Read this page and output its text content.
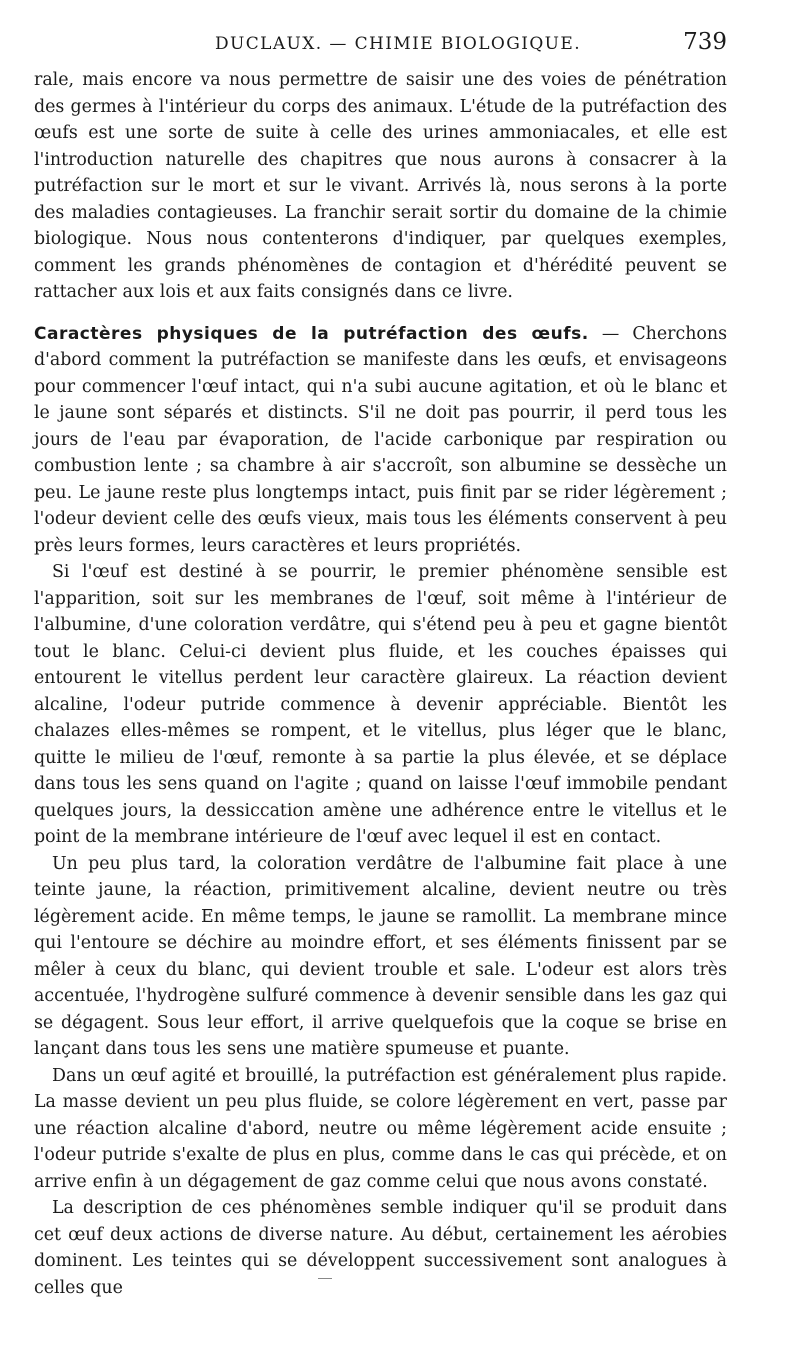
DUCLAUX. — CHIMIE BIOLOGIQUE.	739

rale, mais encore va nous permettre de saisir une des voies de pénétration des germes à l'intérieur du corps des animaux. L'étude de la putréfaction des œufs est une sorte de suite à celle des urines ammoniacales, et elle est l'introduction naturelle des chapitres que nous aurons à consacrer à la putréfaction sur le mort et sur le vivant. Arrivés là, nous serons à la porte des maladies contagieuses. La franchir serait sortir du domaine de la chimie biologique. Nous nous contenterons d'indiquer, par quelques exemples, comment les grands phénomènes de contagion et d'hérédité peuvent se rattacher aux lois et aux faits consignés dans ce livre.

Caractères physiques de la putréfaction des œufs. — Cherchons d'abord comment la putréfaction se manifeste dans les œufs, et envisageons pour commencer l'œuf intact, qui n'a subi aucune agitation, et où le blanc et le jaune sont séparés et distincts. S'il ne doit pas pourrir, il perd tous les jours de l'eau par évaporation, de l'acide carbonique par respiration ou combustion lente ; sa chambre à air s'accroît, son albumine se dessèche un peu. Le jaune reste plus longtemps intact, puis finit par se rider légèrement ; l'odeur devient celle des œufs vieux, mais tous les éléments conservent à peu près leurs formes, leurs caractères et leurs propriétés.

Si l'œuf est destiné à se pourrir, le premier phénomène sensible est l'apparition, soit sur les membranes de l'œuf, soit même à l'intérieur de l'albumine, d'une coloration verdâtre, qui s'étend peu à peu et gagne bientôt tout le blanc. Celui-ci devient plus fluide, et les couches épaisses qui entourent le vitellus perdent leur caractère glaireux. La réaction devient alcaline, l'odeur putride commence à devenir appréciable. Bientôt les chalazes elles-mêmes se rompent, et le vitellus, plus léger que le blanc, quitte le milieu de l'œuf, remonte à sa partie la plus élevée, et se déplace dans tous les sens quand on l'agite ; quand on laisse l'œuf immobile pendant quelques jours, la dessiccation amène une adhérence entre le vitellus et le point de la membrane intérieure de l'œuf avec lequel il est en contact.

Un peu plus tard, la coloration verdâtre de l'albumine fait place à une teinte jaune, la réaction, primitivement alcaline, devient neutre ou très légèrement acide. En même temps, le jaune se ramollit. La membrane mince qui l'entoure se déchire au moindre effort, et ses éléments finissent par se mêler à ceux du blanc, qui devient trouble et sale. L'odeur est alors très accentuée, l'hydrogène sulfuré commence à devenir sensible dans les gaz qui se dégagent. Sous leur effort, il arrive quelquefois que la coque se brise en lançant dans tous les sens une matière spumeuse et puante.

Dans un œuf agité et brouillé, la putréfaction est généralement plus rapide. La masse devient un peu plus fluide, se colore légèrement en vert, passe par une réaction alcaline d'abord, neutre ou même légèrement acide ensuite ; l'odeur putride s'exalte de plus en plus, comme dans le cas qui précède, et on arrive enfin à un dégagement de gaz comme celui que nous avons constaté.

La description de ces phénomènes semble indiquer qu'il se produit dans cet œuf deux actions de diverse nature. Au début, certainement les aérobies dominent. Les teintes qui se développent successivement sont analogues à celles que
